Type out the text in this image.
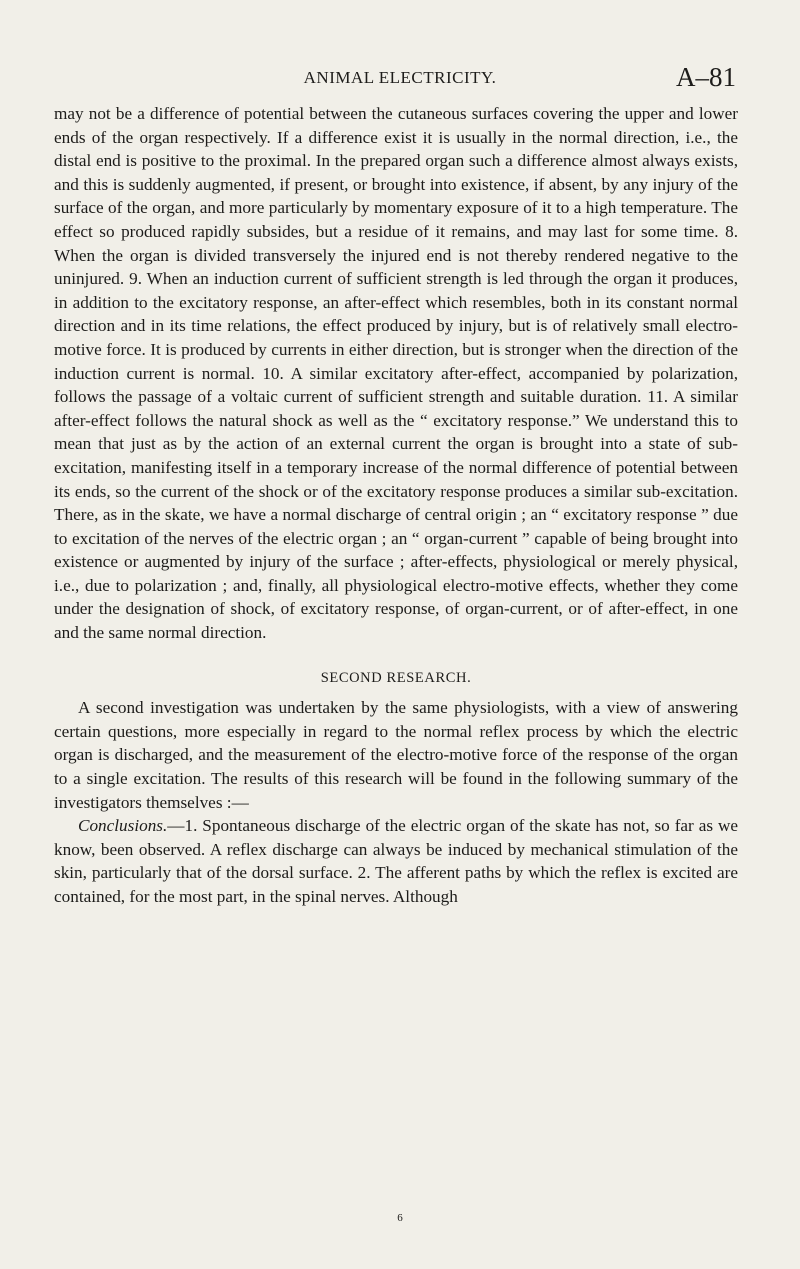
ANIMAL ELECTRICITY.	A–81

may not be a difference of potential between the cutaneous surfaces covering the upper and lower ends of the organ respectively. If a difference exist it is usually in the normal direction, i.e., the distal end is positive to the proximal. In the prepared organ such a difference almost always exists, and this is suddenly augmented, if present, or brought into existence, if absent, by any injury of the surface of the organ, and more particularly by momentary exposure of it to a high temperature. The effect so produced rapidly subsides, but a residue of it remains, and may last for some time. 8. When the organ is divided transversely the injured end is not thereby rendered negative to the uninjured. 9. When an induction current of sufficient strength is led through the organ it produces, in addition to the excitatory response, an after-effect which resembles, both in its constant normal direction and in its time relations, the effect produced by injury, but is of relatively small electro-motive force. It is produced by currents in either direction, but is stronger when the direction of the induction current is normal. 10. A similar excitatory after-effect, accompanied by polarization, follows the passage of a voltaic current of sufficient strength and suitable duration. 11. A similar after-effect follows the natural shock as well as the “ excitatory response.” We understand this to mean that just as by the action of an external current the organ is brought into a state of sub-excitation, manifesting itself in a temporary increase of the normal difference of potential between its ends, so the current of the shock or of the excitatory response produces a similar sub-excitation. There, as in the skate, we have a normal discharge of central origin ; an “ excitatory response ” due to excitation of the nerves of the electric organ ; an “ organ-current ” capable of being brought into existence or augmented by injury of the surface ; after-effects, physiological or merely physical, i.e., due to polarization ; and, finally, all physiological electro-motive effects, whether they come under the designation of shock, of excitatory response, of organ-current, or of after-effect, in one and the same normal direction.

SECOND RESEARCH.

A second investigation was undertaken by the same physiologists, with a view of answering certain questions, more especially in regard to the normal reflex process by which the electric organ is discharged, and the measurement of the electro-motive force of the response of the organ to a single excitation. The results of this research will be found in the following summary of the investigators themselves :—

Conclusions.—1. Spontaneous discharge of the electric organ of the skate has not, so far as we know, been observed. A reflex discharge can always be induced by mechanical stimulation of the skin, particularly that of the dorsal surface. 2. The afferent paths by which the reflex is excited are contained, for the most part, in the spinal nerves. Although

6
